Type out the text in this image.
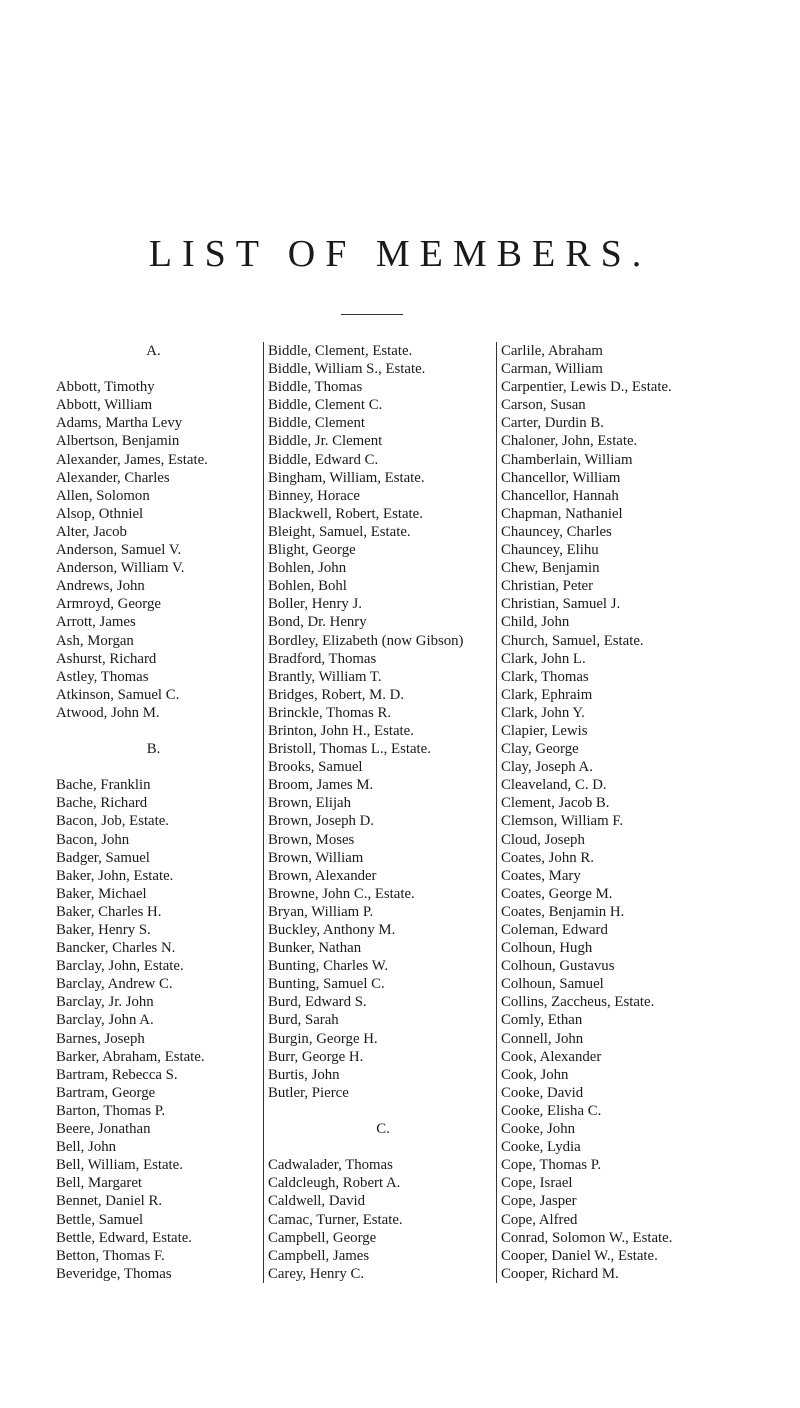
LIST OF MEMBERS.
A.
Abbott, Timothy
Abbott, William
Adams, Martha Levy
Albertson, Benjamin
Alexander, James, Estate.
Alexander, Charles
Allen, Solomon
Alsop, Othniel
Alter, Jacob
Anderson, Samuel V.
Anderson, William V.
Andrews, John
Armroyd, George
Arrott, James
Ash, Morgan
Ashurst, Richard
Astley, Thomas
Atkinson, Samuel C.
Atwood, John M.
B.
Bache, Franklin
Bache, Richard
Bacon, Job, Estate.
Bacon, John
Badger, Samuel
Baker, John, Estate.
Baker, Michael
Baker, Charles H.
Baker, Henry S.
Bancker, Charles N.
Barclay, John, Estate.
Barclay, Andrew C.
Barclay, Jr. John
Barclay, John A.
Barnes, Joseph
Barker, Abraham, Estate.
Bartram, Rebecca S.
Bartram, George
Barton, Thomas P.
Beere, Jonathan
Bell, John
Bell, William, Estate.
Bell, Margaret
Bennet, Daniel R.
Bettle, Samuel
Bettle, Edward, Estate.
Betton, Thomas F.
Beveridge, Thomas
Biddle, Clement, Estate.
Biddle, William S., Estate.
Biddle, Thomas
Biddle, Clement C.
Biddle, Clement
Biddle, Jr. Clement
Biddle, Edward C.
Bingham, William, Estate.
Binney, Horace
Blackwell, Robert, Estate.
Bleight, Samuel, Estate.
Blight, George
Bohlen, John
Bohlen, Bohl
Boller, Henry J.
Bond, Dr. Henry
Bordley, Elizabeth (now Gibson)
Bradford, Thomas
Brantly, William T.
Bridges, Robert, M. D.
Brinckle, Thomas R.
Brinton, John H., Estate.
Bristoll, Thomas L., Estate.
Brooks, Samuel
Broom, James M.
Brown, Elijah
Brown, Joseph D.
Brown, Moses
Brown, William
Brown, Alexander
Browne, John C., Estate.
Bryan, William P.
Buckley, Anthony M.
Bunker, Nathan
Bunting, Charles W.
Bunting, Samuel C.
Burd, Edward S.
Burd, Sarah
Burgin, George H.
Burr, George H.
Burtis, John
Butler, Pierce
C.
Cadwalader, Thomas
Caldcleugh, Robert A.
Caldwell, David
Camac, Turner, Estate.
Campbell, George
Campbell, James
Carey, Henry C.
Carlile, Abraham
Carman, William
Carpentier, Lewis D., Estate.
Carson, Susan
Carter, Durdin B.
Chaloner, John, Estate.
Chamberlain, William
Chancellor, William
Chancellor, Hannah
Chapman, Nathaniel
Chauncey, Charles
Chauncey, Elihu
Chew, Benjamin
Christian, Peter
Christian, Samuel J.
Child, John
Church, Samuel, Estate.
Clark, John L.
Clark, Thomas
Clark, Ephraim
Clark, John Y.
Clapier, Lewis
Clay, George
Clay, Joseph A.
Cleaveland, C. D.
Clement, Jacob B.
Clemson, William F.
Cloud, Joseph
Coates, John R.
Coates, Mary
Coates, George M.
Coates, Benjamin H.
Coleman, Edward
Colhoun, Hugh
Colhoun, Gustavus
Colhoun, Samuel
Collins, Zaccheus, Estate.
Comly, Ethan
Connell, John
Cook, Alexander
Cook, John
Cooke, David
Cooke, Elisha C.
Cooke, John
Cooke, Lydia
Cope, Thomas P.
Cope, Israel
Cope, Jasper
Cope, Alfred
Conrad, Solomon W., Estate.
Cooper, Daniel W., Estate.
Cooper, Richard M.
